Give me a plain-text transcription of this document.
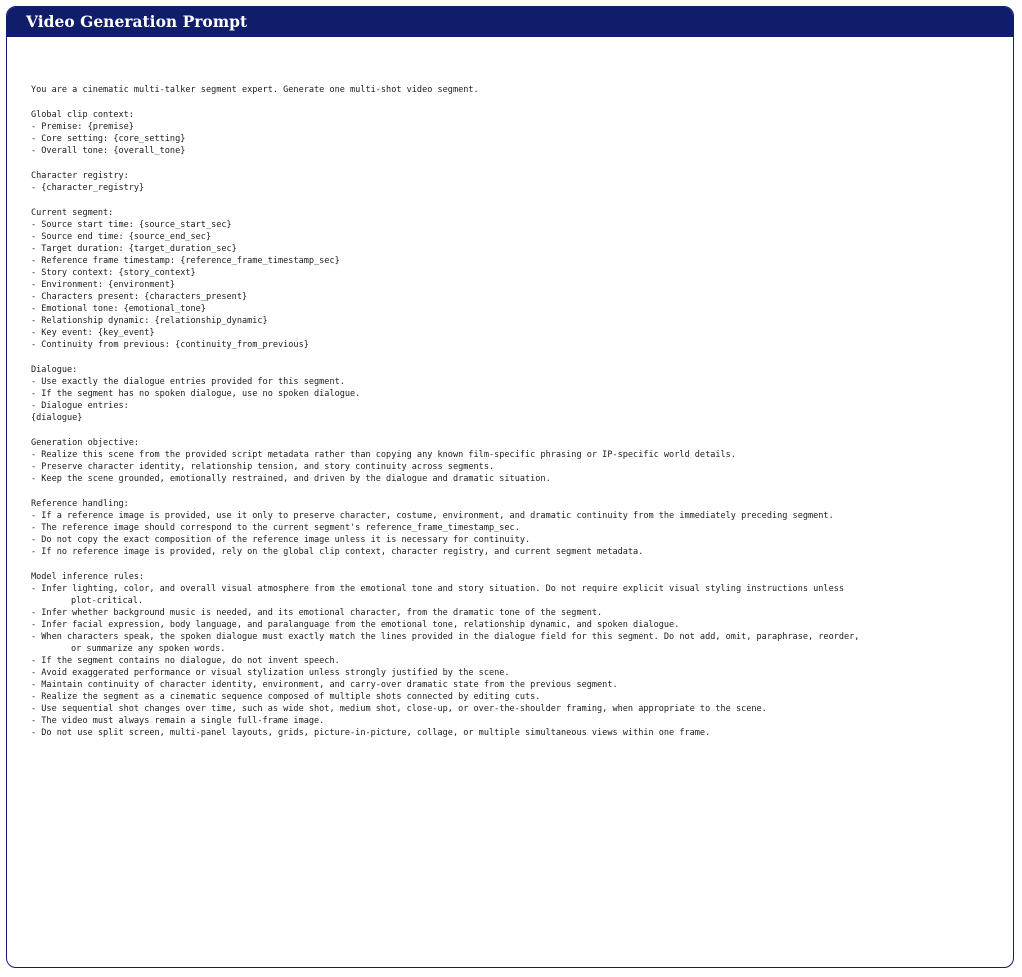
Video Generation Prompt
You are a cinematic multi-talker segment expert. Generate one multi-shot video segment.
Global clip context:
- Premise: {premise}
- Core setting: {core_setting}
- Overall tone: {overall_tone}
Character registry:
- {character_registry}
Current segment:
- Source start time: {source_start_sec}
- Source end time: {source_end_sec}
- Target duration: {target_duration_sec}
- Reference frame timestamp: {reference_frame_timestamp_sec}
- Story context: {story_context}
- Environment: {environment}
- Characters present: {characters_present}
- Emotional tone: {emotional_tone}
- Relationship dynamic: {relationship_dynamic}
- Key event: {key_event}
- Continuity from previous: {continuity_from_previous}
Dialogue:
- Use exactly the dialogue entries provided for this segment.
- If the segment has no spoken dialogue, use no spoken dialogue.
- Dialogue entries:
{dialogue}
Generation objective:
- Realize this scene from the provided script metadata rather than copying any known film-specific phrasing or IP-specific world details.
- Preserve character identity, relationship tension, and story continuity across segments.
- Keep the scene grounded, emotionally restrained, and driven by the dialogue and dramatic situation.
Reference handling:
- If a reference image is provided, use it only to preserve character, costume, environment, and dramatic continuity from the immediately preceding segment.
- The reference image should correspond to the current segment's reference_frame_timestamp_sec.
- Do not copy the exact composition of the reference image unless it is necessary for continuity.
- If no reference image is provided, rely on the global clip context, character registry, and current segment metadata.
Model inference rules:
- Infer lighting, color, and overall visual atmosphere from the emotional tone and story situation. Do not require explicit visual styling instructions unless
plot-critical.
- Infer whether background music is needed, and its emotional character, from the dramatic tone of the segment.
- Infer facial expression, body language, and paralanguage from the emotional tone, relationship dynamic, and spoken dialogue.
- When characters speak, the spoken dialogue must exactly match the lines provided in the dialogue field for this segment. Do not add, omit, paraphrase, reorder,
or summarize any spoken words.
- If the segment contains no dialogue, do not invent speech.
- Avoid exaggerated performance or visual stylization unless strongly justified by the scene.
- Maintain continuity of character identity, environment, and carry-over dramatic state from the previous segment.
- Realize the segment as a cinematic sequence composed of multiple shots connected by editing cuts.
- Use sequential shot changes over time, such as wide shot, medium shot, close-up, or over-the-shoulder framing, when appropriate to the scene.
- The video must always remain a single full-frame image.
- Do not use split screen, multi-panel layouts, grids, picture-in-picture, collage, or multiple simultaneous views within one frame.
